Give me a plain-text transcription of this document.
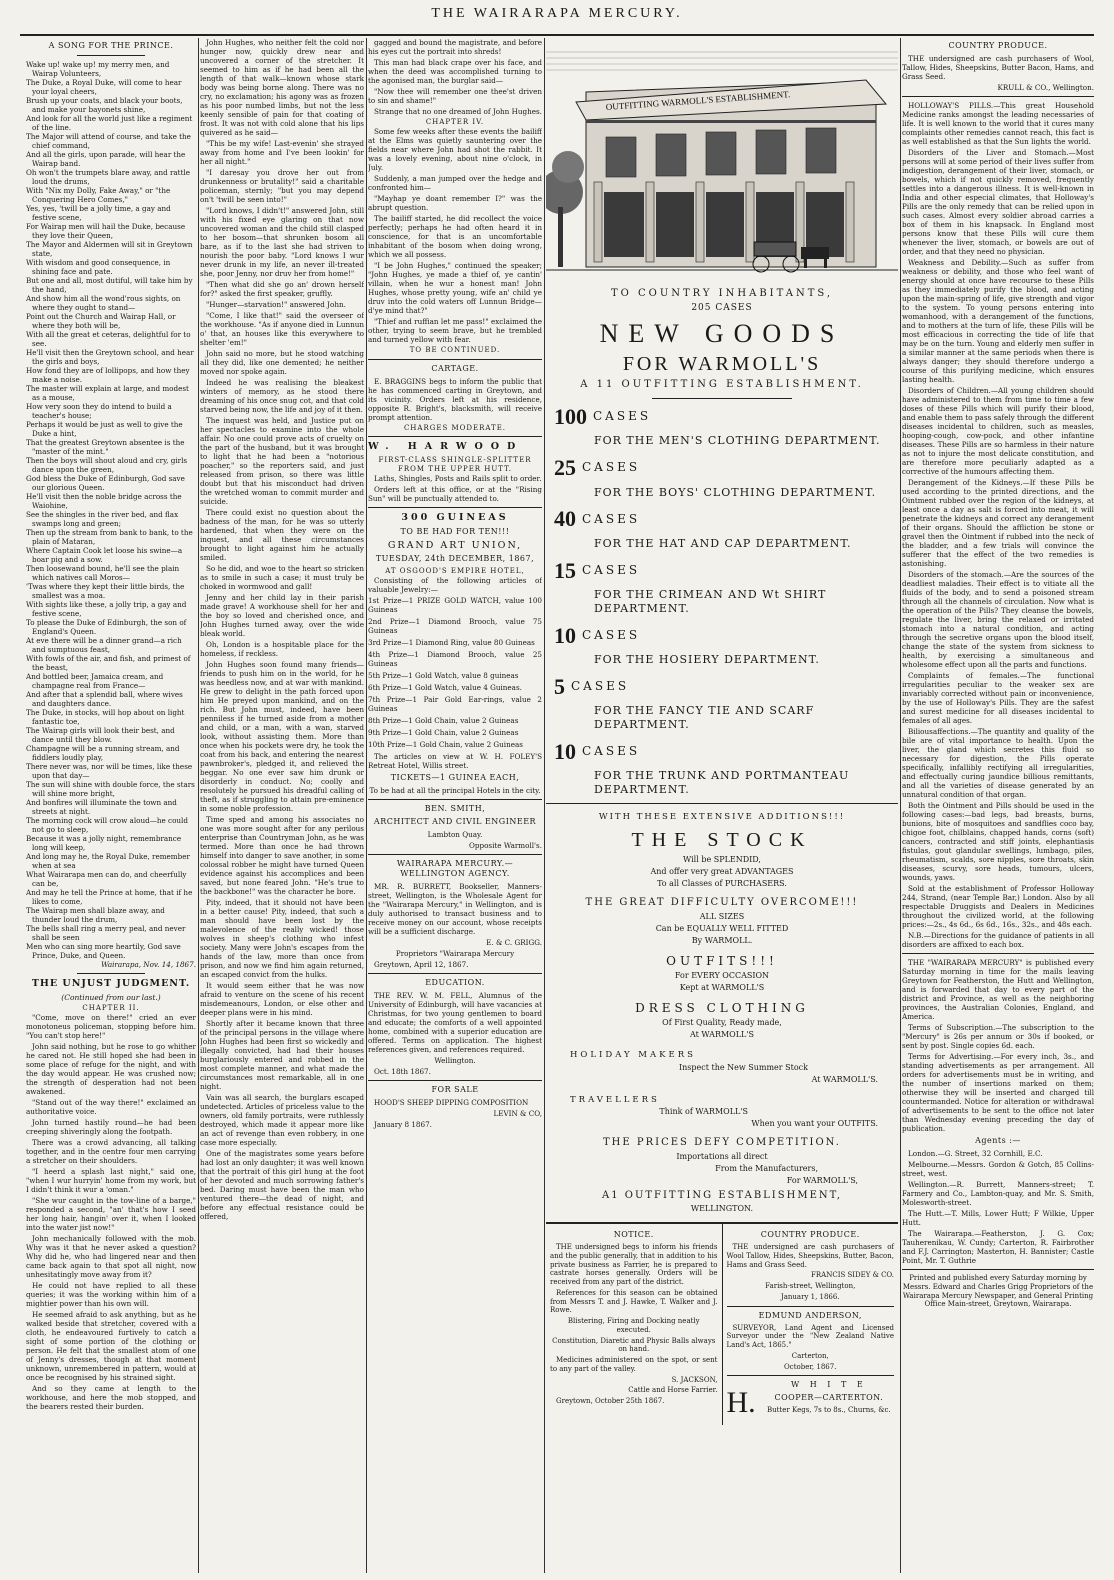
THE WAIRARAPA MERCURY.
A SONG FOR THE PRINCE.

Wake up! wake up! my merry men, and Wairap Volunteers,

The Duke, a Royal Duke, will come to hear your loyal cheers,

Brush up your coats, and black your boots, and make your bayonets shine,

And look for all the world just like a regiment of the line.

The Major will attend of course, and take the chief command,

And all the girls, upon parade, will hear the Wairap band.

Oh won't the trumpets blare away, and rattle loud the drums,

With "Nix my Dolly, Fake Away," or "the Conquering Hero Comes,"

Yes, yes, 'twill be a jolly time, a gay and festive scene,

For Wairap men will hail the Duke, because they love their Queen,

The Mayor and Aldermen will sit in Greytown state,

With wisdom and good consequence, in shining face and pate.

But one and all, most dutiful, will take him by the hand,

And show him all the wond'rous sights, on where they ought to stand—

Point out the Church and Wairap Hall, or where they both will be,

With all the great et ceteras, delightful for to see.

He'll visit then the Greytown school, and hear the girls and boys,

How fond they are of lollipops, and how they make a noise.

The master will explain at large, and modest as a mouse,

How very soon they do intend to build a teacher's house;

Perhaps it would be just as well to give the Duke a hint,

That the greatest Greytown absentee is the "master of the mint."

Then the boys will shout aloud and cry, girls dance upon the green,

God bless the Duke of Edinburgh, God save our glorious Queen.

He'll visit then the noble bridge across the Waiohine,

See the shingles in the river bed, and flax swamps long and green;

Then up the stream from bank to bank, to the plain of Mataran,

Where Captain Cook let loose his swine—a boar pig and a sow.

Then loosewand bound, he'll see the plain which natives call Moros—

'Twas where they kept their little birds, the smallest was a moa.

With sights like these, a jolly trip, a gay and festive scene,

To please the Duke of Edinburgh, the son of England's Queen.

At eve there will be a dinner grand—a rich and sumptuous feast,

With fowls of the air, and fish, and primest of the beast,

And bottled beer, Jamaica cream, and champagne real from France—

And after that a splendid ball, where wives and daughters dance.

The Duke, in stocks, will hop about on light fantastic toe,

The Wairap girls will look their best, and dance until they blow.

Champagne will be a running stream, and fiddlers loudly play,

There never was, nor will be times, like these upon that day—

The sun will shine with double force, the stars will shine more bright,

And bonfires will illuminate the town and streets at night.

The morning cock will crow aloud—he could not go to sleep,

Because it was a jolly night, remembrance long will keep,

And long may he, the Royal Duke, remember when at sea

What Wairarapa men can do, and cheerfully can be,

And may he tell the Prince at home, that if he likes to come,

The Wairap men shall blaze away, and thunder loud the drum,

The bells shall ring a merry peal, and never shall be seen

Men who can sing more heartily, God save Prince, Duke, and Queen.

Wairarapa, Nov. 14, 1867.
THE UNJUST JUDGMENT.
(Continued from our last.)
CHAPTER II.

"Come, move on there!" cried an ever monotoneus policeman, stopping before him. "You can't stop here!"

John said nothing, but he rose to go whither he cared not. He still hoped she had been in some place of refuge for the night, and with the day would appear. He was crushed now; the strength of desperation had not been awakened.

"Stand out of the way there!" exclaimed an authoritative voice.

John turned hastily round—he had been creeping shiveringly along the footpath.

There was a crowd advancing, all talking together, and in the centre four men carrying a stretcher on their shoulders.

"I heerd a splash last night," said one, "when I wur hurryin' home from my work, but I didn't think it wur a 'oman."

"She wur caught in the tow-line of a barge," responded a second, "an' that's how I seed her long hair, hangin' over it, when I looked into the water jist now!"

John mechanically followed with the mob. Why was it that he never asked a question? Why did he, who had lingered near and then came back again to that spot all night, now unhesitatingly move away from it?

He could not have replied to all these queries; it was the working within him of a mightier power than his own will.

He seemed afraid to ask anything, but as he walked beside that stretcher, covered with a cloth, he endeavoured furtively to catch a sight of some portion of the clothing or person. He felt that the smallest atom of one of Jenny's dresses, though at that moment unknown, unremembered in pattern, would at once be recognised by his strained sight.

And so they came at length to the workhouse, and here the mob stopped, and the bearers rested their burden.

John Hughes, who neither felt the cold nor hunger now, quickly drew near and uncovered a corner of the stretcher. It seemed to him as if he had been all the length of that walk—known whose stark body was being borne along. There was no cry, no exclamation; his agony was as frozen as his poor numbed limbs, but not the less keenly sensible of pain for that coating of frost. It was not with cold alone that his lips quivered as he said—

"This be my wife! Last-evenin' she strayed away from home and I've been lookin' for her all night."

"I daresay you drove her out from drunkenness or brutality!" said a charitable policeman, sternly; "but you may depend on't 'twill be seen into!"

"Lord knows, I didn't!" answered John, still with his fixed eye glaring on that now uncovered woman and the child still clasped to her bosom—that shrunken bosom all bare, as if to the last she had striven to nourish the poor baby. "Lord knows I wur never drunk in my life, an never ill-treated she, poor Jenny, nor druv her from home!"

"Then what did she go an' drown herself for?" asked the first speaker, gruffly.

"Hunger—starvation!" answered John.

"Come, I like that!" said the overseer of the workhouse. "As if anyone died in Lunnun o' that, an houses like this everywhere to shelter 'em!"

John said no more, but he stood watching all they did, like one demented; he neither moved nor spoke again.

Indeed he was realising the bleakest winters of memory, as he stood there dreaming of his once snug cot, and that cold starved being now, the life and joy of it then.

The inquest was held, and Justice put on her spectacles to examine into the whole affair. No one could prove acts of cruelty on the part of the husband, but it was brought to light that he had been a "notorious poacher," so the reporters said, and just released from prison, so there was little doubt but that his misconduct had driven the wretched woman to commit murder and suicide.

There could exist no question about the badness of the man, for he was so utterly hardened, that when they were on the inquest, and all these circumstances brought to light against him he actually smiled.

So he did, and woe to the heart so stricken as to smile in such a case; it must truly be choked in wormwood and gall!

Jenny and her child lay in their parish made grave! A workhouse shell for her and the boy so loved and cherished once, and John Hughes turned away, over the wide bleak world.

Oh, London is a hospitable place for the homeless, if reckless.

John Hughes soon found many friends—friends to push him on in the world, for he was heedless now, and at war with mankind. He grew to delight in the path forced upon him He preyed upon mankind, and on the rich. But John must, indeed, have been penniless if he turned aside from a mother and child, or a man, with a wan, starved look, without assisting them. More than once when his pockets were dry, he took the coat from his back, and entering the nearest pawnbroker's, pledged it, and relieved the beggar. No one ever saw him drunk or disorderly in conduct. No; coolly and resolutely he pursued his dreadful calling of theft, as if struggling to attain pre-eminence in some noble profession.

Time sped and among his associates no one was more sought after for any perilous enterprise than Countryman John, as he was termed. More than once he had thrown himself into danger to save another, in some colossal robber he might have turned Queen evidence against his accomplices and been saved, but none feared John. "He's true to the backbone!" was the character he bore.

Pity, indeed, that it should not have been in a better cause! Pity, indeed, that such a man should have been lost by the malevolence of the really wicked! those wolves in sheep's clothing who infest society. Many were John's escapes from the hands of the law, more than once from prison, and now we find him again returned, an escaped convict from the hulks.

It would seem either that he was now afraid to venture on the scene of his recent misdemeanours, London, or else other and deeper plans were in his mind.

Shortly after it became known that three of the principal persons in the village where John Hughes had been first so wickedly and illegally convicted, had had their houses burglariously entered and robbed in the most complete manner, and what made the circumstances most remarkable, all in one night.

Vain was all search, the burglars escaped undetected. Articles of priceless value to the owners, old family portraits, were ruthlessly destroyed, which made it appear more like an act of revenge than even robbery, in one case more especially.

One of the magistrates some years before had lost an only daughter; it was well known that the portrait of this girl hung at the foot of her devoted and much sorrowing father's bed. Daring must have been the man who ventured there—the dead of night, and before any effectual resistance could be offered,

gagged and bound the magistrate, and before his eyes cut the portrait into shreds!

This man had black crape over his face, and when the deed was accomplished turning to the agonised man, the burglar said—

"Now thee will remember one thee'st driven to sin and shame!"

Strange that no one dreamed of John Hughes.

CHAPTER IV.

Some few weeks after these events the bailiff at the Elms was quietly sauntering over the fields near where John had shot the rabbit. It was a lovely evening, about nine o'clock, in July.

Suddenly, a man jumped over the hedge and confronted him—

"Mayhap ye doant remember I?" was the abrupt question.

The bailiff started, he did recollect the voice perfectly; perhaps he had often heard it in conscience, for that is an uncomfortable inhabitant of the bosom when doing wrong, which we all possess.

"I be John Hughes," continued the speaker; "John Hughes, ye made a thief of, ye cantin' villain, when he wur a honest man! John Hughes, whose pretty young, wife an' child ye druv into the cold waters off Lunnun Bridge—d'ye mind that?"

"Thief and ruffian let me pass!" exclaimed the other, trying to seem brave, but he trembled and turned yellow with fear.

TO BE CONTINUED.
CARTAGE.

E. BRAGGINS begs to inform the public that he has commenced carting in Greytown, and its vicinity. Orders left at his residence, opposite R. Bright's, blacksmith, will receive prompt attention.

CHARGES MODERATE.
W. HARWOOD
FIRST-CLASS SHINGLE-SPLITTER FROM THE UPPER HUTT.

Laths, Shingles, Posts and Rails split to order.

Orders left at this office, or at the "Rising Sun" will be punctually attended to.

300 GUINEAS
TO BE HAD FOR TEN!!!
GRAND ART UNION,
TUESDAY, 24th DECEMBER, 1867,
AT OSGOOD'S EMPIRE HOTEL,

Consisting of the following articles of valuable Jewelry:—

1st Prize—1 PRIZE GOLD WATCH, value 100 Guineas

2nd Prize—1 Diamond Brooch, value 75 Guineas

3rd Prize—1 Diamond Ring, value 80 Guineas

4th Prize—1 Diamond Brooch, value 25 Guineas

5th Prize—1 Gold Watch, value 8 guineas

6th Prize—1 Gold Watch, value 4 Guineas.

7th Prize—1 Pair Gold Ear-rings, value 2 Guineas

8th Prize—1 Gold Chain, value 2 Guineas

9th Prize—1 Gold Chain, value 2 Guineas

10th Prize—1 Gold Chain, value 2 Guineas

The articles on view at W. H. FOLEY'S Retreat Hotel, Willis street.

TICKETS—1 GUINEA EACH,

To be had at all the principal Hotels in the city.

BEN. SMITH,
ARCHITECT AND CIVIL ENGINEER

Lambton Quay.

Opposite Warmoll's.

WAIRARAPA MERCURY.—WELLINGTON AGENCY.

MR. R. BURRETT, Bookseller, Manners-street, Wellington, is the Wholesale Agent for the "Wairarapa Mercury," in Wellington, and is duly authorised to transact business and to receive money on our account, whose receipts will be a sufficient discharge.

E. & C. GRIGG.

Proprietors "Wairarapa Mercury

Greytown, April 12, 1867.

EDUCATION.

THE REV. W. M. FELL, Alumnus of the University of Edinburgh, will have vacancies at Christmas, for two young gentlemen to board and educate; the comforts of a well appointed home, combined with a superior education are offered. Terms on application. The highest references given, and references required.

Wellington.

Oct. 18th 1867.

FOR SALE

HOOD'S SHEEP DIPPING COMPOSITION

LEVIN & CO,

January 8 1867.

OUTFITTING WARMOLL'S ESTABLISHMENT.
TO COUNTRY INHABITANTS,
205 CASES
NEW GOODS
FOR WARMOLL'S
A 11 OUTFITTING ESTABLISHMENT.
100 CASES
FOR THE MEN'S CLOTHING DEPARTMENT.
25 CASES
FOR THE BOYS' CLOTHING DEPARTMENT.
40 CASES
FOR THE HAT AND CAP DEPARTMENT.
15 CASES
FOR THE CRIMEAN AND Wt SHIRT DEPARTMENT.
10 CASES
FOR THE HOSIERY DEPARTMENT.
5 CASES
FOR THE FANCY TIE AND SCARF DEPARTMENT.
10 CASES
FOR THE TRUNK AND PORTMANTEAU DEPARTMENT.
WITH THESE EXTENSIVE ADDITIONS!!!
THE STOCK
Will be SPLENDID,
And offer very great ADVANTAGES
To all Classes of PURCHASERS.
THE GREAT DIFFICULTY OVERCOME!!!
ALL SIZES
Can be EQUALLY WELL FITTED
By WARMOLL.
OUTFITS!!!
For EVERY OCCASION
Kept at WARMOLL'S
DRESS CLOTHING
Of First Quality, Ready made,
At WARMOLL'S
HOLIDAY MAKERS
Inspect the New Summer Stock
At WARMOLL'S.
TRAVELLERS
Think of WARMOLL'S
When you want your OUTFITS.
THE PRICES DEFY COMPETITION.
Importations all direct
From the Manufacturers,
For WARMOLL'S,
A1 OUTFITTING ESTABLISHMENT,
WELLINGTON.
NOTICE.

THE undersigned begs to inform his friends and the public generally, that in addition to his private business as Farrier, he is prepared to castrate horses generally. Orders will be received from any part of the district.

References for this season can be obtained from Messrs T. and J. Hawke, T. Walker and J. Rowe.

Blistering, Firing and Docking neatly executed.

Constitution, Diaretic and Physic Balls always on hand.

Medicines administered on the spot, or sent to any part of the valley.

S. JACKSON,

Cattle and Horse Farrier.

Greytown, October 25th 1867.

COUNTRY PRODUCE.

THE undersigned are cash purchasers of Wool Tallow, Hides, Sheepskins, Butter, Bacon, Hams and Grass Seed.

FRANCIS SIDEY & CO.

Farish-street, Wellington,

January 1, 1866.

EDMUND ANDERSON,

SURVEYOR, Land Agent and Licensed Surveyor under the "New Zealand Native Land's Act, 1865."

Carterton,

October, 1867.

H.
W H I T E
COOPER—CARTERTON.

Butter Kegs, 7s to 8s., Churns, &c.

COUNTRY PRODUCE.

THE undersigned are cash purchasers of Wool, Tallow, Hides, Sheepskins, Butter Bacon, Hams, and Grass Seed.

KRULL & CO., Wellington.

HOLLOWAY'S PILLS.—This great Household Medicine ranks amongst the leading necessaries of life. It is well known to the world that it cures many complaints other remedies cannot reach, this fact is as well established as that the Sun lights the world.

Disorders of the Liver and Stomach.—Most persons will at some period of their lives suffer from indigestion, derangement of their liver, stomach, or bowels, which if not quickly removed, frequently settles into a dangerous illness. It is well-known in India and other especial climates, that Holloway's Pills are the only remedy that can be relied upon in such cases. Almost every soldier abroad carries a box of them in his knapsack. In England most persons know that these Pills will cure them whenever the liver, stomach, or bowels are out of order, and that they need no physician.

Weakness and Debility.—Such as suffer from weakness or debility, and those who feel want of energy should at once have recourse to these Pills as they immediately purify the blood, and acting upon the main-spring of life, give strength and vigor to the system. To young persons entering into womanhood, with a derangement of the functions, and to mothers at the turn of life, these Pills will be most efficacious in correcting the tide of life that may be on the turn. Young and elderly men suffer in a similar manner at the same periods when there is always danger; they should therefore undergo a course of this purifying medicine, which ensures lasting health.

Disorders of Children.—All young children should have administered to them from time to time a few doses of these Pills which will purify their blood, and enable them to pass safely through the different diseases incidental to children, such as measles, hooping-cough, cow-pock, and other infantine diseases. These Pills are so harmless in their nature as not to injure the most delicate constitution, and are therefore more peculiarly adapted as a corrective of the humours affecting them.

Derangement of the Kidneys.—If these Pills be used according to the printed directions, and the Ointment rubbed over the region of the kidneys, at least once a day as salt is forced into meat, it will penetrate the kidneys and correct any derangement of their organs. Should the affliction be stone or gravel then the Ointment if rubbed into the neck of the bladder, and a few trials will convince the sufferer that the effect of the two remedies is astonishing.

Disorders of the stomach.—Are the sources of the deadliest maladies. Their effect is to vitiate all the fluids of the body, and to send a poisoned stream through all the channels of circulation. Now what is the operation of the Pills? They cleanse the bowels, regulate the liver, bring the relaxed or irritated stomach into a natural condition, and acting through the secretive organs upon the blood itself, change the state of the system from sickness to health, by exercising a simultaneous and wholesome effect upon all the parts and functions.

Complaints of females.—The functional irregularities peculiar to the weaker sex are invariably corrected without pain or inconvenience, by the use of Holloway's Pills. They are the safest and surest medicine for all diseases incidental to females of all ages.

Biliousaffections.—The quantity and quality of the bile are of vital importance to health. Upon the liver, the gland which secretes this fluid so necessary for digestion, the Pills operate specifically, infallibly rectifying all irregularities, and effectually curing jaundice billious remittants, and all the varieties of disease generated by an unnatural condition of that organ.

Both the Ointment and Pills should be used in the following cases:—bad legs, bad breasts, burns, bunions, bite of mosquitoes and sandflies coco bay, chigoe foot, chilblains, chapped hands, corns (soft) cancers, contracted and stiff joints, elephantiasis fistulas, gout glandular swellings, lumbago, piles, rheumatism, scalds, sore nipples, sore throats, skin diseases, scurvy, sore heads, tumours, ulcers, wounds, yaws.

Sold at the establishment of Professor Holloway 244, Strand, (near Temple Bar,) London. Also by all respectable Druggists and Dealers in Medicines throughout the civilized world, at the following prices:—2s., 4s 6d., 6s 6d., 16s., 32s., and 48s each.

N.B.—Directions for the guidance of patients in all disorders are affixed to each box.

THE "WAIRARAPA MERCURY" is published every Saturday morning in time for the mails leaving Greytown for Featherston, the Hutt and Wellington, and is forwarded that day to every part of the district and Province, as well as the neighboring provinces, the Australian Colonies, England, and America.

Terms of Subscription.—The subscription to the "Mercury" is 26s per annum or 30s if booked, or sent by post. Single copies 6d. each.

Terms for Advertising.—For every inch, 3s., and standing advertisements as per arrangement. All orders for advertisements must be in writing, and the number of insertions marked on them; otherwise they will be inserted and charged till countermanded. Notice for alteration or withdrawal of advertisements to be sent to the office not later than Wednesday evening preceding the day of publication.

Agents :—

London.—G. Street, 32 Cornhill, E.C.

Melbourne.—Messrs. Gordon & Gotch, 85 Collins-street, west.

Wellington.—R. Burrett, Manners-street; T. Farmery and Co., Lambton-quay, and Mr. S. Smith, Molesworth-street.

The Hutt.—T. Mills, Lower Hutt; F Wilkie, Upper Hutt.

The Wairarapa.—Featherston, J. G. Cox; Tauherenikau, W. Cundy; Carterton, R. Fairbrother and F.J. Carrington; Masterton, H. Bannister; Castle Point, Mr. T. Guthrie

Printed and published every Saturday morning by Messrs. Edward and Charles Grigg Proprietors of the Wairarapa Mercury Newspaper, and General Printing Office Main-street, Greytown, Wairarapa.
